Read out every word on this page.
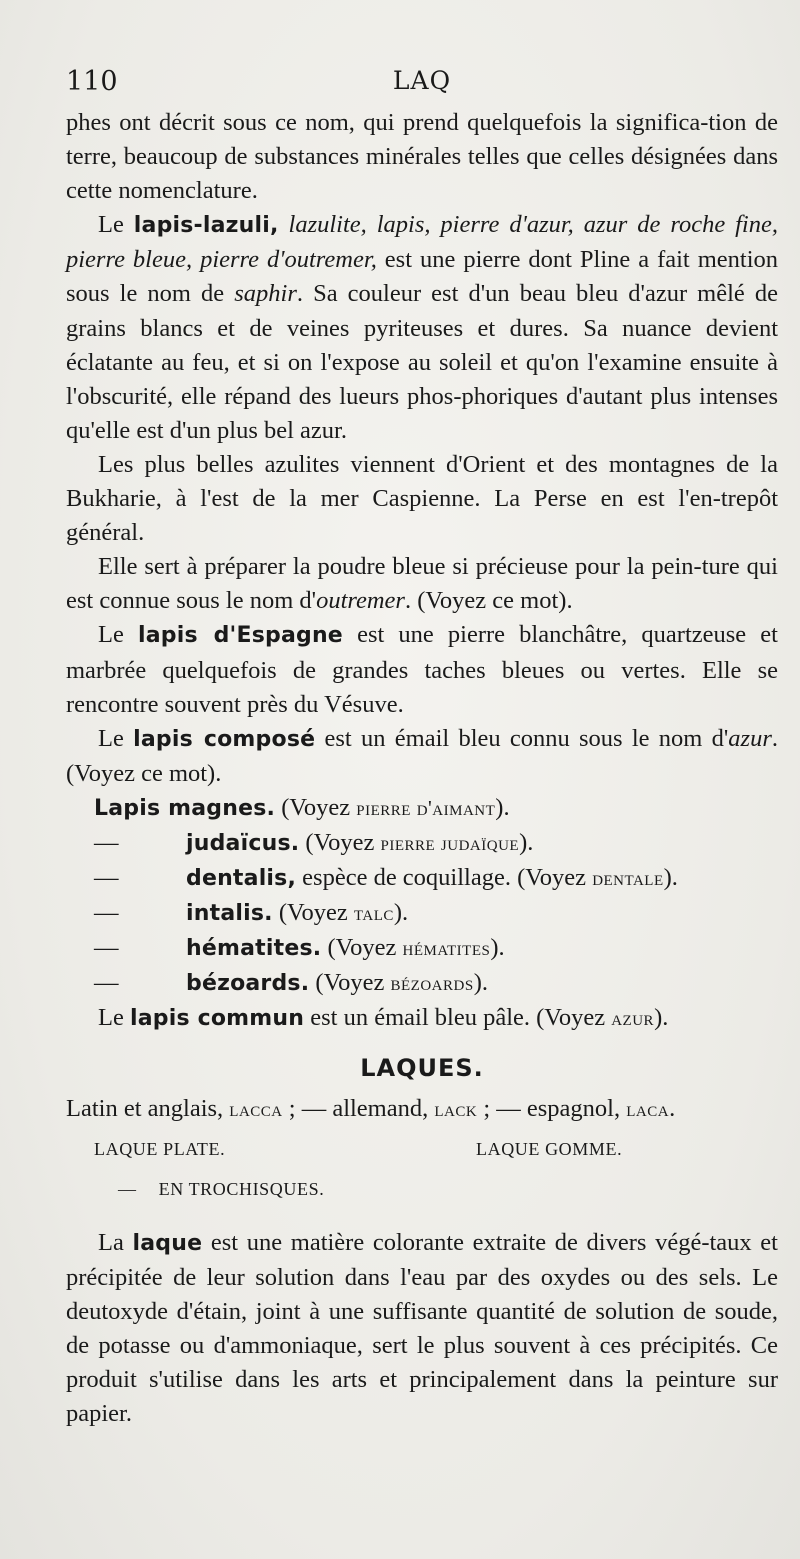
110	LAQ

phes ont décrit sous ce nom, qui prend quelquefois la significa-tion de terre, beaucoup de substances minérales telles que celles désignées dans cette nomenclature.

Le lapis-lazuli, lazulite, lapis, pierre d'azur, azur de roche fine, pierre bleue, pierre d'outremer, est une pierre dont Pline a fait mention sous le nom de saphir. Sa couleur est d'un beau bleu d'azur mêlé de grains blancs et de veines pyriteuses et dures. Sa nuance devient éclatante au feu, et si on l'expose au soleil et qu'on l'examine ensuite à l'obscurité, elle répand des lueurs phos-phoriques d'autant plus intenses qu'elle est d'un plus bel azur.

Les plus belles azulites viennent d'Orient et des montagnes de la Bukharie, à l'est de la mer Caspienne. La Perse en est l'en-trepôt général.

Elle sert à préparer la poudre bleue si précieuse pour la pein-ture qui est connue sous le nom d'outremer. (Voyez ce mot).

Le lapis d'Espagne est une pierre blanchâtre, quartzeuse et marbrée quelquefois de grandes taches bleues ou vertes. Elle se rencontre souvent près du Vésuve.

Le lapis composé est un émail bleu connu sous le nom d'azur. (Voyez ce mot).

Lapis magnes. (Voyez pierre d'aimant).

—	judaïcus. (Voyez pierre judaïque).

—	dentalis, espèce de coquillage. (Voyez dentale).

—	intalis. (Voyez talc).

—	hématites. (Voyez hématites).

—	bézoards. (Voyez bézoards).

Le lapis commun est un émail bleu pâle. (Voyez azur).

LAQUES.

Latin et anglais, lacca ; — allemand, lack ; — espagnol, laca.

LAQUE PLATE.	LAQUE GOMME.
— EN TROCHISQUES.

La laque est une matière colorante extraite de divers végé-taux et précipitée de leur solution dans l'eau par des oxydes ou des sels. Le deutoxyde d'étain, joint à une suffisante quantité de solution de soude, de potasse ou d'ammoniaque, sert le plus souvent à ces précipités. Ce produit s'utilise dans les arts et principalement dans la peinture sur papier.
